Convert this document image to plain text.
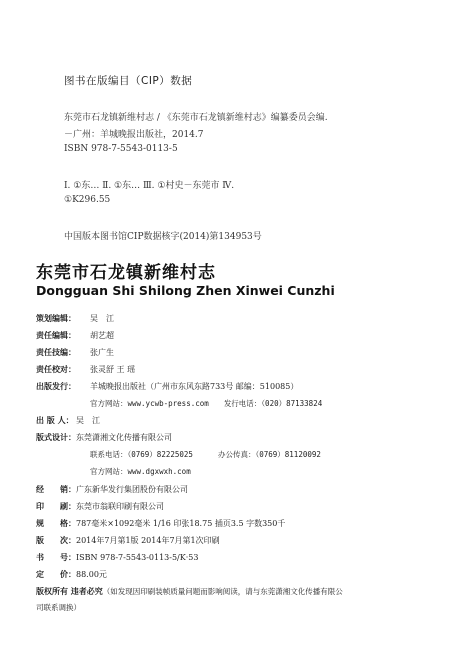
图书在版编目（CIP）数据
东莞市石龙镇新维村志 / 《东莞市石龙镇新维村志》编纂委员会编.
－广州：羊城晚报出版社，2014.7
ISBN 978-7-5543-0113-5
Ⅰ. ①东… Ⅱ. ①东… Ⅲ. ①村史－东莞市 Ⅳ.
①K296.55
中国版本图书馆CIP数据核字(2014)第134953号
东莞市石龙镇新维村志
Dongguan Shi Shilong Zhen Xinwei Cunzhi
策划编辑： 吴　江
责任编辑： 胡艺超
责任技编： 张广生
责任校对： 张灵舒 王 瑶
出版发行： 羊城晚报出版社（广州市东风东路733号 邮编：510085）
官方网站：www.ycwb-press.com 发行电话：（020）87133824
出 版 人： 吴　江
版式设计：东莞潇湘文化传播有限公司
联系电话：（0769）82225025	办公传真：（0769）81120092
官方网站：www.dgxwxh.com
经　　销：广东新华发行集团股份有限公司
印　　刷：东莞市翁联印刷有限公司
规　　格：787毫米×1092毫米 1/16 印张18.75 插页3.5 字数350千
版　　次：2014年7月第1版 2014年7月第1次印刷
书　　号：ISBN 978-7-5543-0113-5/K·53
定　　价：88.00元
版权所有 违者必究（如发现因印刷装帧质量问题而影响阅读，请与东莞潇湘文化传播有限公
司联系调换）
